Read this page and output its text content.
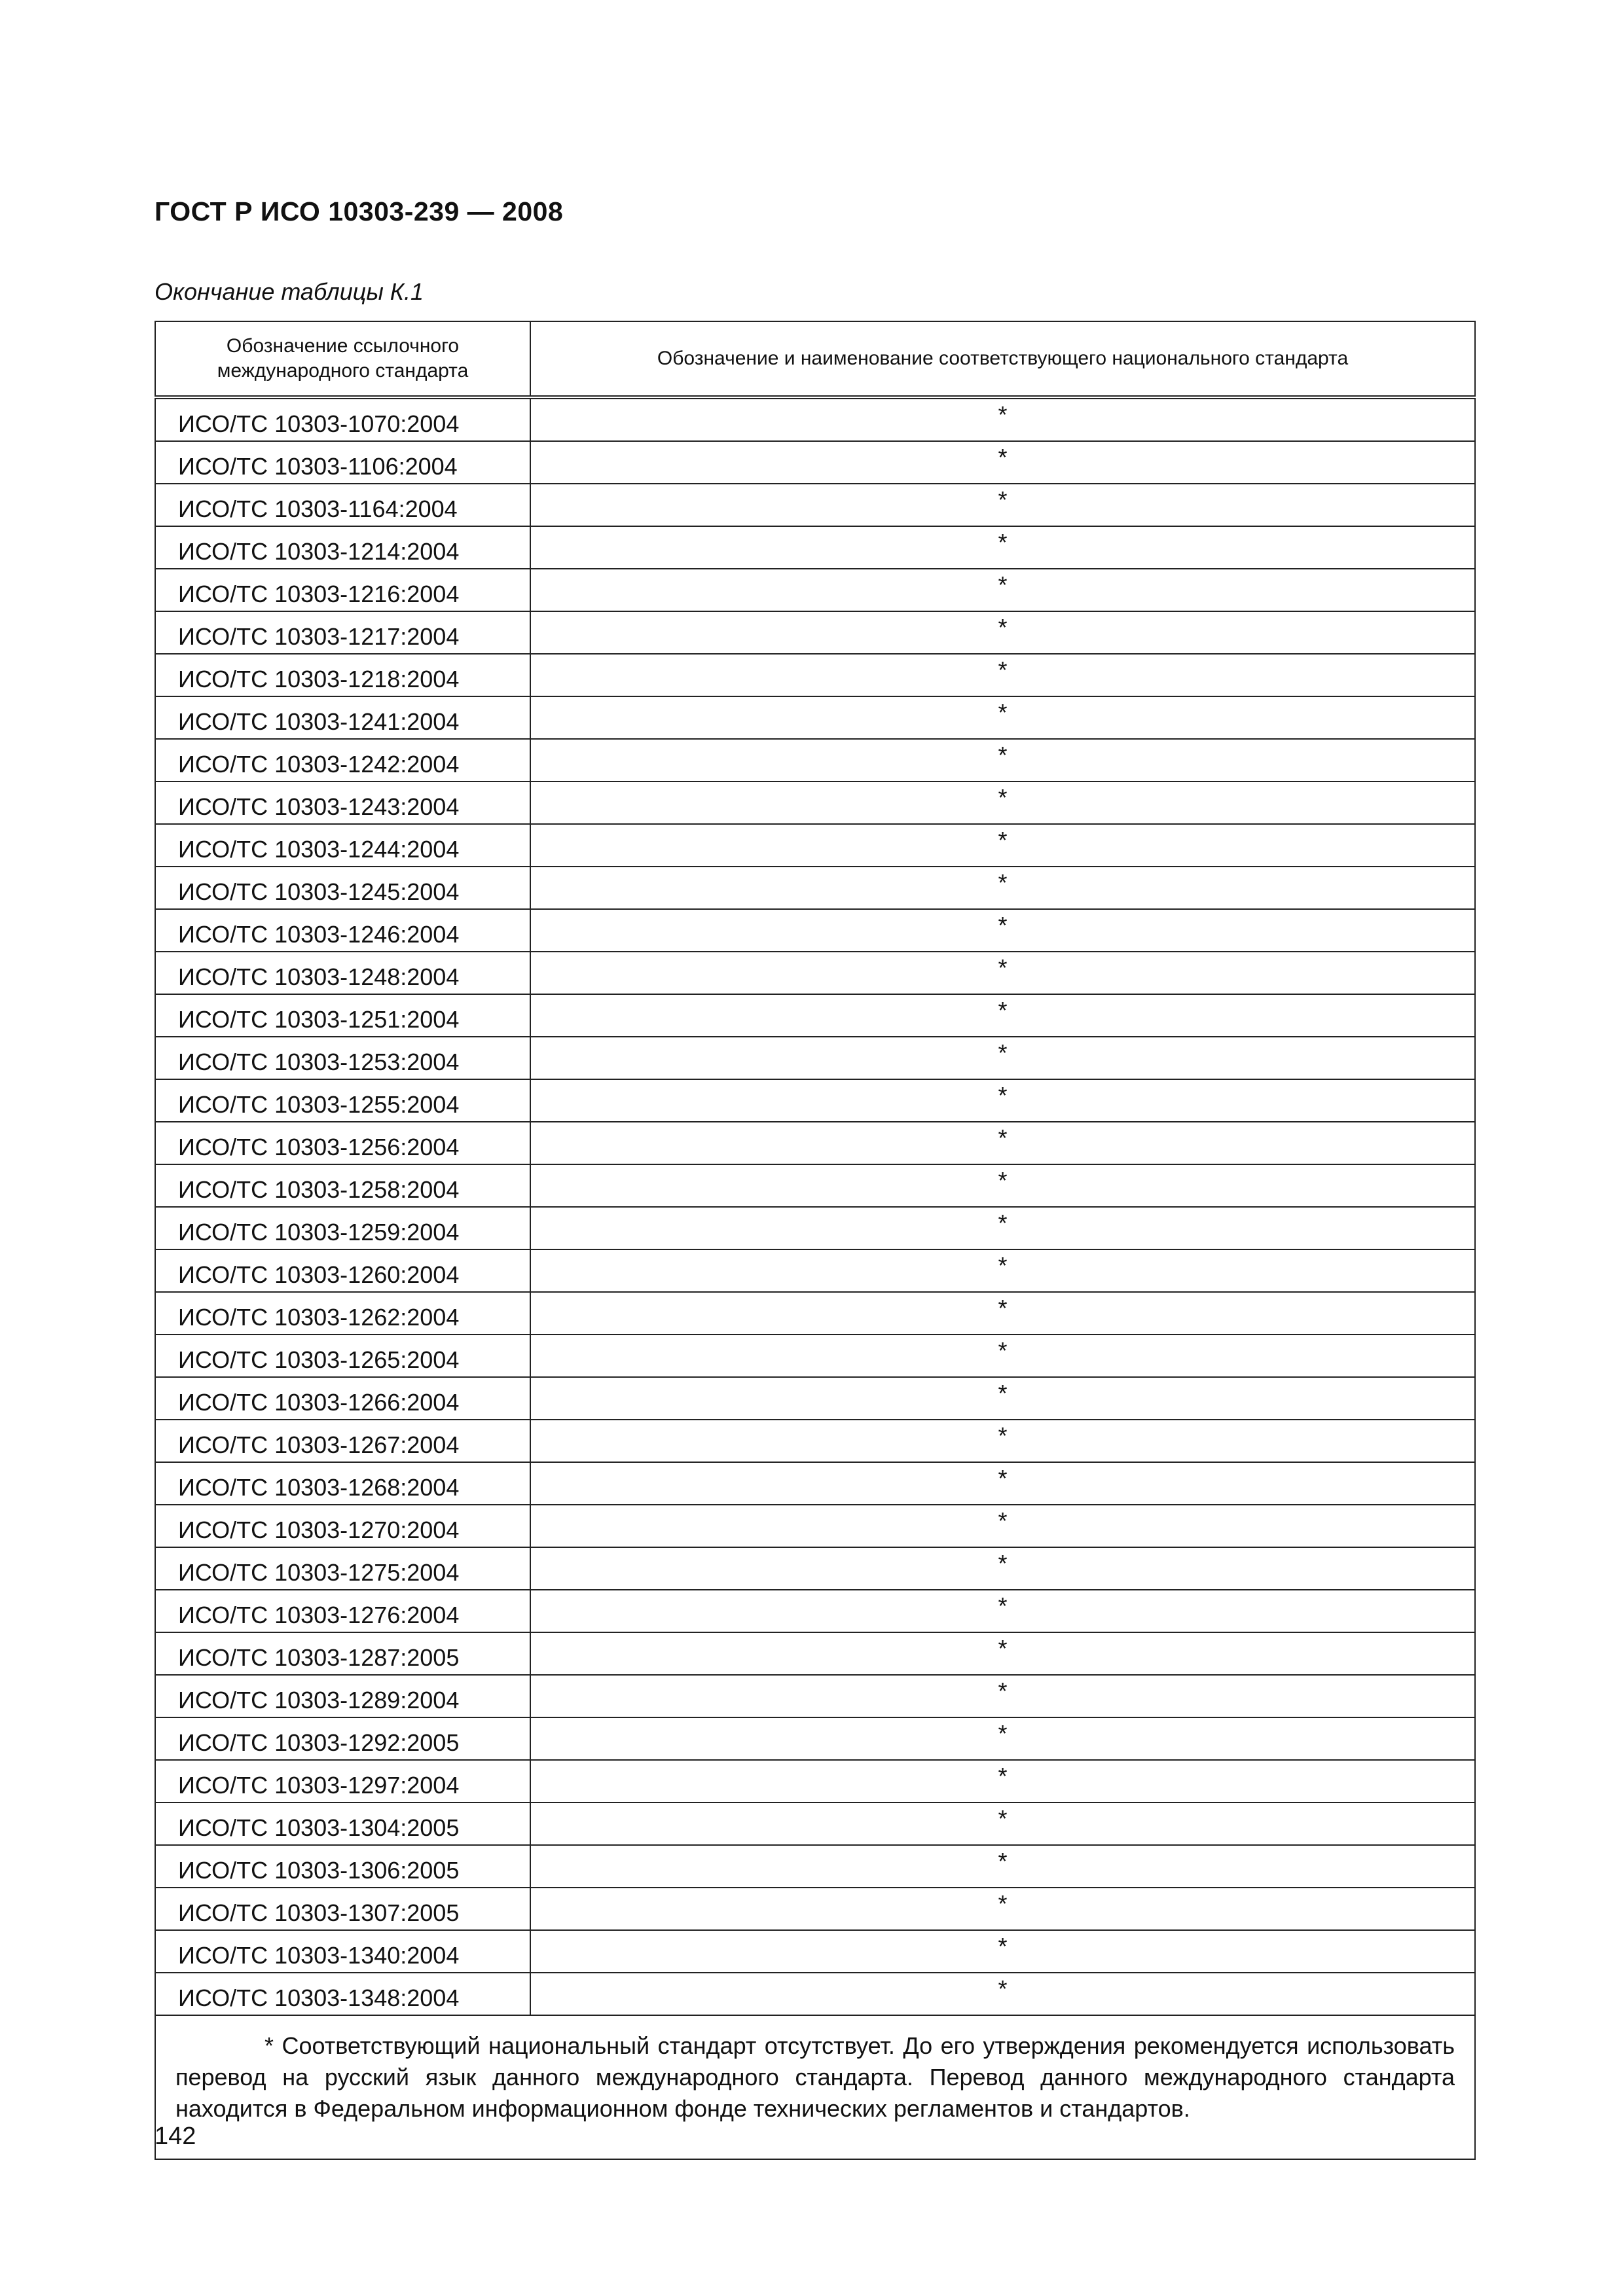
ГОСТ Р ИСО 10303-239 — 2008
Окончание таблицы К.1
Обозначение ссылочного международного стандарта	Обозначение и наименование соответствующего национального стандарта
ИСО/ТС 10303-1070:2004	*
ИСО/ТС 10303-1106:2004	*
ИСО/ТС 10303-1164:2004	*
ИСО/ТС 10303-1214:2004	*
ИСО/ТС 10303-1216:2004	*
ИСО/ТС 10303-1217:2004	*
ИСО/ТС 10303-1218:2004	*
ИСО/ТС 10303-1241:2004	*
ИСО/ТС 10303-1242:2004	*
ИСО/ТС 10303-1243:2004	*
ИСО/ТС 10303-1244:2004	*
ИСО/ТС 10303-1245:2004	*
ИСО/ТС 10303-1246:2004	*
ИСО/ТС 10303-1248:2004	*
ИСО/ТС 10303-1251:2004	*
ИСО/ТС 10303-1253:2004	*
ИСО/ТС 10303-1255:2004	*
ИСО/ТС 10303-1256:2004	*
ИСО/ТС 10303-1258:2004	*
ИСО/ТС 10303-1259:2004	*
ИСО/ТС 10303-1260:2004	*
ИСО/ТС 10303-1262:2004	*
ИСО/ТС 10303-1265:2004	*
ИСО/ТС 10303-1266:2004	*
ИСО/ТС 10303-1267:2004	*
ИСО/ТС 10303-1268:2004	*
ИСО/ТС 10303-1270:2004	*
ИСО/ТС 10303-1275:2004	*
ИСО/ТС 10303-1276:2004	*
ИСО/ТС 10303-1287:2005	*
ИСО/ТС 10303-1289:2004	*
ИСО/ТС 10303-1292:2005	*
ИСО/ТС 10303-1297:2004	*
ИСО/ТС 10303-1304:2005	*
ИСО/ТС 10303-1306:2005	*
ИСО/ТС 10303-1307:2005	*
ИСО/ТС 10303-1340:2004	*
ИСО/ТС 10303-1348:2004	*
* Соответствующий национальный стандарт отсутствует. До его утверждения рекомендуется использовать перевод на русский язык данного международного стандарта. Перевод данного международного стандарта находится в Федеральном информационном фонде технических регламентов и стандартов.	
142
